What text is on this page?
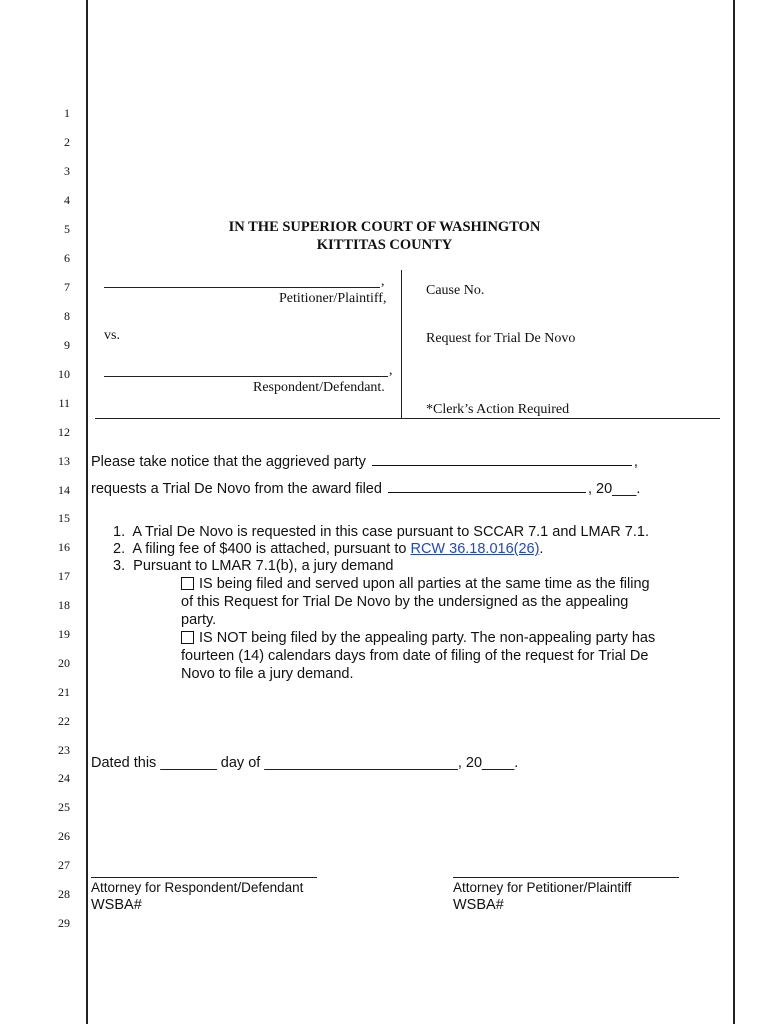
1
2
3
4
5
6
7
8
9
10
11
12
13
14
15
16
17
18
19
20
21
22
23
24
25
26
27
28
29
IN THE SUPERIOR COURT OF WASHINGTON
KITTITAS COUNTY
,
Petitioner/Plaintiff,
vs.
,
Respondent/Defendant.
Cause No.
Request for Trial De Novo
*Clerk’s Action Required
Please take notice that the aggrieved party	,
requests a Trial De Novo from the award filed	, 20___.
1. A Trial De Novo is requested in this case pursuant to SCCAR 7.1 and LMAR 7.1.
2. A filing fee of $400 is attached, pursuant to RCW 36.18.016(26).
3. Pursuant to LMAR 7.1(b), a jury demand
IS being filed and served upon all parties at the same time as the filing
of this Request for Trial De Novo by the undersigned as the appealing
party.
IS NOT being filed by the appealing party. The non-appealing party has
fourteen (14) calendars days from date of filing of the request for Trial De
Novo to file a jury demand.
Dated this _______ day of ________________________, 20____.
Attorney for Respondent/Defendant
WSBA#
Attorney for Petitioner/Plaintiff
WSBA#
